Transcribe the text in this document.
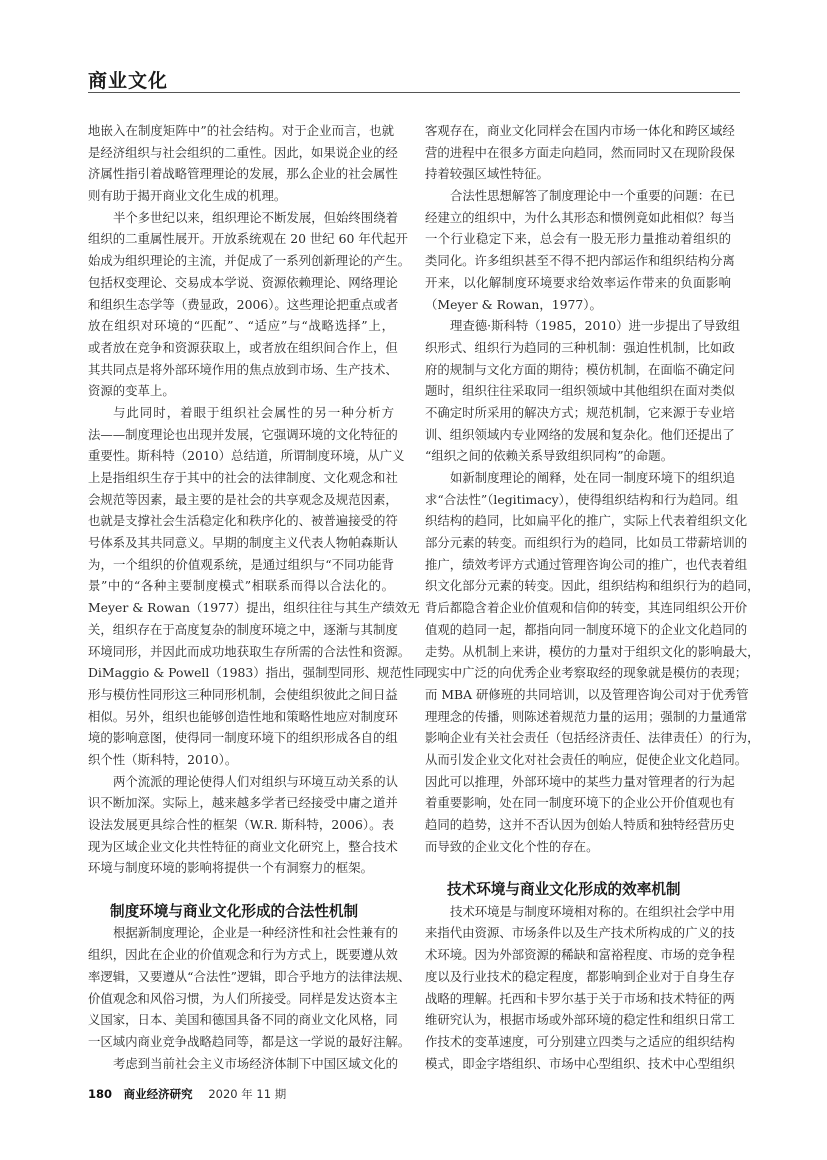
商业文化
地嵌入在制度矩阵中”的社会结构。对于企业而言，也就
是经济组织与社会组织的二重性。因此，如果说企业的经
济属性指引着战略管理理论的发展，那么企业的社会属性
则有助于揭开商业文化生成的机理。
半个多世纪以来，组织理论不断发展，但始终围绕着
组织的二重属性展开。开放系统观在 20 世纪 60 年代起开
始成为组织理论的主流，并促成了一系列创新理论的产生。
包括权变理论、交易成本学说、资源依赖理论、网络理论
和组织生态学等（费显政，2006）。这些理论把重点或者
放在组织对环境的“匹配”、“适应”与“战略选择”上，
或者放在竞争和资源获取上，或者放在组织间合作上，但
其共同点是将外部环境作用的焦点放到市场、生产技术、
资源的变革上。
与此同时，着眼于组织社会属性的另一种分析方
法——制度理论也出现并发展，它强调环境的文化特征的
重要性。斯科特（2010）总结道，所谓制度环境，从广义
上是指组织生存于其中的社会的法律制度、文化观念和社
会规范等因素，最主要的是社会的共享观念及规范因素，
也就是支撑社会生活稳定化和秩序化的、被普遍接受的符
号体系及其共同意义。早期的制度主义代表人物帕森斯认
为，一个组织的价值观系统，是通过组织与“不同功能背
景”中的“各种主要制度模式”相联系而得以合法化的。
Meyer & Rowan（1977）提出，组织往往与其生产绩效无
关，组织存在于高度复杂的制度环境之中，逐渐与其制度
环境同形，并因此而成功地获取生存所需的合法性和资源。
DiMaggio & Powell（1983）指出，强制型同形、规范性同
形与模仿性同形这三种同形机制，会使组织彼此之间日益
相似。另外，组织也能够创造性地和策略性地应对制度环
境的影响意图，使得同一制度环境下的组织形成各自的组
织个性（斯科特，2010）。
两个流派的理论使得人们对组织与环境互动关系的认
识不断加深。实际上，越来越多学者已经接受中庸之道并
设法发展更具综合性的框架（W.R. 斯科特，2006）。表
现为区域企业文化共性特征的商业文化研究上，整合技术
环境与制度环境的影响将提供一个有洞察力的框架。
制度环境与商业文化形成的合法性机制
根据新制度理论，企业是一种经济性和社会性兼有的
组织，因此在企业的价值观念和行为方式上，既要遵从效
率逻辑，又要遵从“合法性”逻辑，即合乎地方的法律法规、
价值观念和风俗习惯，为人们所接受。同样是发达资本主
义国家，日本、美国和德国具备不同的商业文化风格，同
一区域内商业竞争战略趋同等，都是这一学说的最好注解。
考虑到当前社会主义市场经济体制下中国区域文化的
客观存在，商业文化同样会在国内市场一体化和跨区域经
营的进程中在很多方面走向趋同，然而同时又在现阶段保
持着较强区域性特征。
合法性思想解答了制度理论中一个重要的问题：在已
经建立的组织中，为什么其形态和惯例竟如此相似？每当
一个行业稳定下来，总会有一股无形力量推动着组织的
类同化。许多组织甚至不得不把内部运作和组织结构分离
开来，以化解制度环境要求给效率运作带来的负面影响
（Meyer & Rowan，1977）。
理查德·斯科特（1985，2010）进一步提出了导致组
织形式、组织行为趋同的三种机制：强迫性机制，比如政
府的规制与文化方面的期待；模仿机制，在面临不确定问
题时，组织往往采取同一组织领域中其他组织在面对类似
不确定时所采用的解决方式；规范机制，它来源于专业培
训、组织领域内专业网络的发展和复杂化。他们还提出了
“组织之间的依赖关系导致组织同构”的命题。
如新制度理论的阐释，处在同一制度环境下的组织追
求“合法性”（legitimacy），使得组织结构和行为趋同。组
织结构的趋同，比如扁平化的推广，实际上代表着组织文化
部分元素的转变。而组织行为的趋同，比如员工带薪培训的
推广，绩效考评方式通过管理咨询公司的推广，也代表着组
织文化部分元素的转变。因此，组织结构和组织行为的趋同，
背后都隐含着企业价值观和信仰的转变，其连同组织公开价
值观的趋同一起，都指向同一制度环境下的企业文化趋同的
走势。从机制上来讲，模仿的力量对于组织文化的影响最大，
现实中广泛的向优秀企业考察取经的现象就是模仿的表现；
而 MBA 研修班的共同培训，以及管理咨询公司对于优秀管
理理念的传播，则陈述着规范力量的运用；强制的力量通常
影响企业有关社会责任（包括经济责任、法律责任）的行为，
从而引发企业文化对社会责任的响应，促使企业文化趋同。
因此可以推理，外部环境中的某些力量对管理者的行为起
着重要影响，处在同一制度环境下的企业公开价值观也有
趋同的趋势，这并不否认因为创始人特质和独特经营历史
而导致的企业文化个性的存在。
技术环境与商业文化形成的效率机制
技术环境是与制度环境相对称的。在组织社会学中用
来指代由资源、市场条件以及生产技术所构成的广义的技
术环境。因为外部资源的稀缺和富裕程度、市场的竞争程
度以及行业技术的稳定程度，都影响到企业对于自身生存
战略的理解。托西和卡罗尔基于关于市场和技术特征的两
维研究认为，根据市场或外部环境的稳定性和组织日常工
作技术的变革速度，可分别建立四类与之适应的组织结构
模式，即金字塔组织、市场中心型组织、技术中心型组织
180 商业经济研究 2020 年 11 期
